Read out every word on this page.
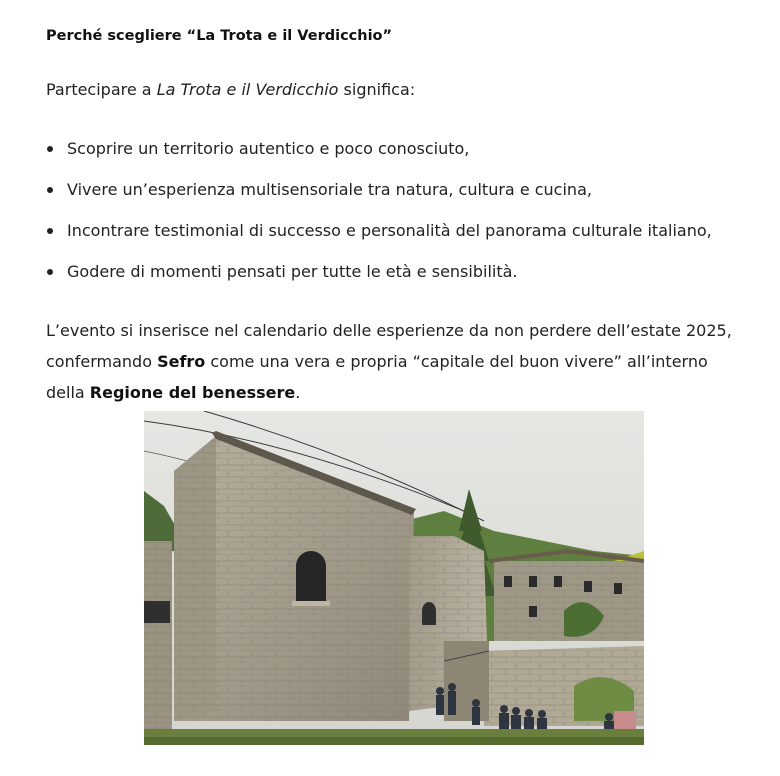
Perché scegliere “La Trota e il Verdicchio”

Partecipare a La Trota e il Verdicchio significa:

Scoprire un territorio autentico e poco conosciuto,
Vivere un’esperienza multisensoriale tra natura, cultura e cucina,
Incontrare testimonial di successo e personalità del panorama culturale italiano,
Godere di momenti pensati per tutte le età e sensibilità.

L’evento si inserisce nel calendario delle esperienze da non perdere dell’estate 2025, confermando Sefro come una vera e propria “capitale del buon vivere” all’interno della Regione del benessere.
